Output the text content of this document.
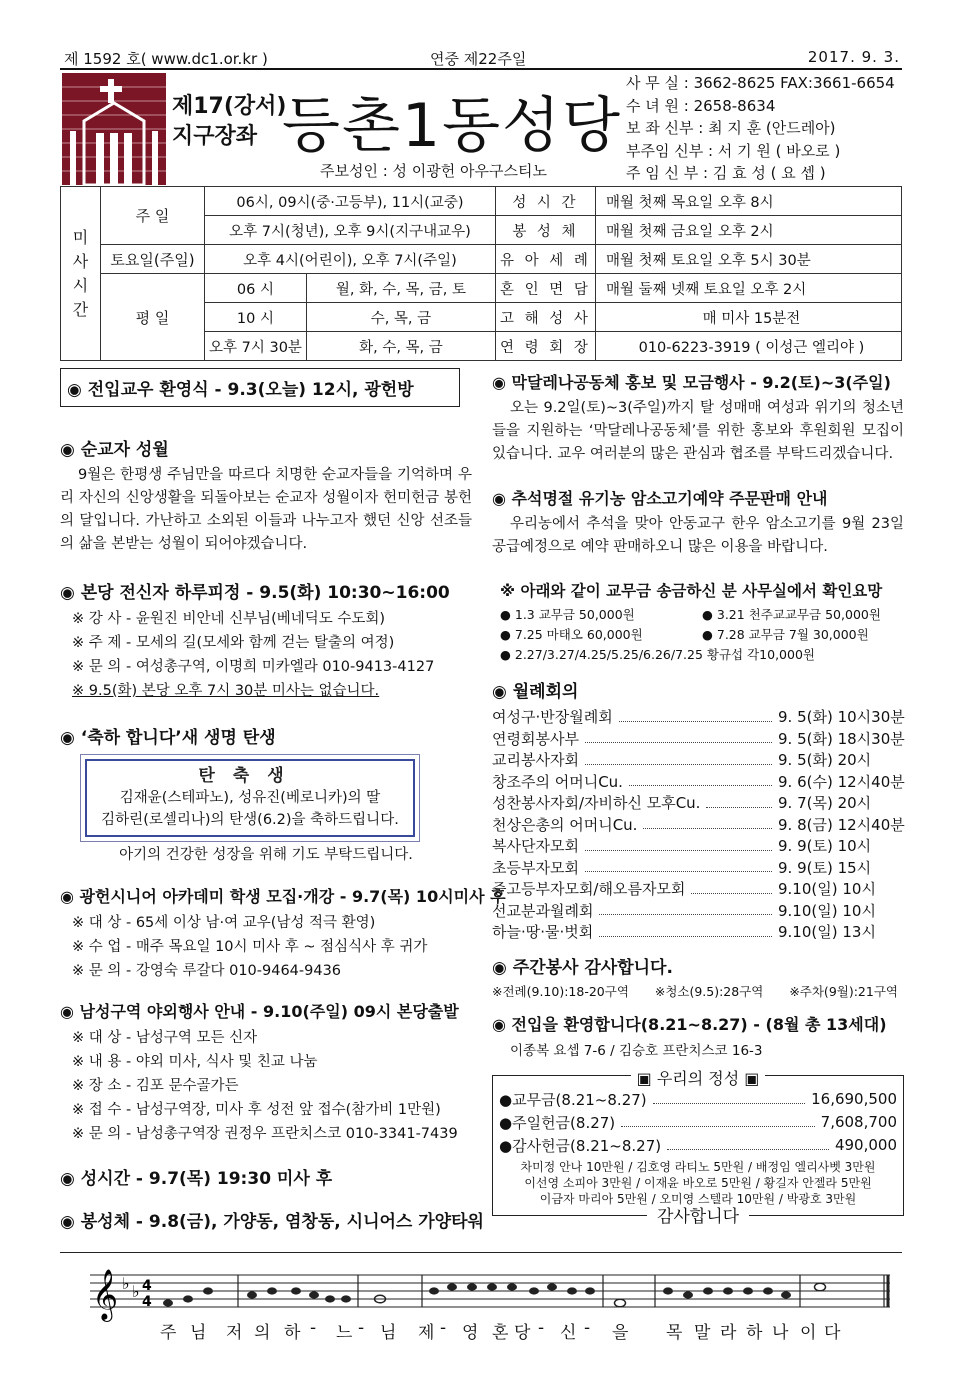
제 1592 호( www.dc1.or.kr )	연중 제22주일	2017. 9. 3.
제17(강서)
지구장좌 등촌1동성당
주보성인 : 성 이광헌 아우구스티노
사 무 실 : 3662-8625 FAX:3661-6654
수 녀 원 : 2658-8634
보 좌 신부 : 최 지 훈 (안드레아)
부주임 신부 : 서 기 원 ( 바오로 )
주 임 신 부 : 김 효 성 ( 요 셉 )
미
사
시
간	주 일	06시, 09시(중·고등부), 11시(교중)		성 시 간	매월 첫째 목요일 오후 8시
		오후 7시(청년), 오후 9시(지구내교우)		봉 성 체	매월 첫째 금요일 오후 2시
	토요일(주일)	오후 4시(어린이), 오후 7시(주일)		유 아 세 례	매월 첫째 토요일 오후 5시 30분
	평 일	06 시	월, 화, 수, 목, 금, 토	혼 인 면 담	매월 둘째 넷째 토요일 오후 2시
		10 시	수, 목, 금	고 해 성 사	매 미사 15분전
		오후 7시 30분	화, 수, 목, 금	연 령 회 장	010-6223-3919 ( 이성근 엘리야 )
◉ 전입교우 환영식 - 9.3(오늘) 12시, 광헌방
◉ 순교자 성월
9월은 한평생 주님만을 따르다 치명한 순교자들을 기억하며 우리 자신의 신앙생활을 되돌아보는 순교자 성월이자 헌미헌금 봉헌의 달입니다. 가난하고 소외된 이들과 나누고자 했던 신앙 선조들의 삶을 본받는 성월이 되어야겠습니다.
◉ 본당 전신자 하루피정 - 9.5(화) 10:30~16:00
※ 강 사 - 윤원진 비안네 신부님(베네딕도 수도회)
※ 주 제 - 모세의 길(모세와 함께 걷는 탈출의 여정)
※ 문 의 - 여성총구역, 이명희 미카엘라 010-9413-4127
※ 9.5(화) 본당 오후 7시 30분 미사는 없습니다.
◉ ‘축하 합니다’새 생명 탄생
탄축생
김재윤(스테파노), 성유진(베로니카)의 딸
김하린(로셀리나)의 탄생(6.2)을 축하드립니다.
아기의 건강한 성장을 위해 기도 부탁드립니다.
◉ 광헌시니어 아카데미 학생 모집·개강 - 9.7(목) 10시미사 후
※ 대 상 - 65세 이상 남·여 교우(남성 적극 환영)
※ 수 업 - 매주 목요일 10시 미사 후 ~ 점심식사 후 귀가
※ 문 의 - 강영숙 루갈다 010-9464-9436
◉ 남성구역 야외행사 안내 - 9.10(주일) 09시 본당출발
※ 대 상 - 남성구역 모든 신자
※ 내 용 - 야외 미사, 식사 및 친교 나눔
※ 장 소 - 김포 문수골가든
※ 접 수 - 남성구역장, 미사 후 성전 앞 접수(참가비 1만원)
※ 문 의 - 남성총구역장 권정우 프란치스코 010-3341-7439
◉ 성시간 - 9.7(목) 19:30 미사 후
◉ 봉성체 - 9.8(금), 가양동, 염창동, 시니어스 가양타워
◉ 막달레나공동체 홍보 및 모금행사 - 9.2(토)~3(주일)
오는 9.2일(토)~3(주일)까지 탈 성매매 여성과 위기의 청소년들을 지원하는 ‘막달레나공동체’를 위한 홍보와 후원회원 모집이 있습니다. 교우 여러분의 많은 관심과 협조를 부탁드리겠습니다.
◉ 추석명절 유기농 암소고기예약 주문판매 안내
우리농에서 추석을 맞아 안동교구 한우 암소고기를 9월 23일 공급예정으로 예약 판매하오니 많은 이용을 바랍니다.
※ 아래와 같이 교무금 송금하신 분 사무실에서 확인요망
● 1.3 교무금 50,000원	● 3.21 천주교교무금 50,000원
● 7.25 마태오 60,000원	● 7.28 교무금 7월 30,000원
● 2.27/3.27/4.25/5.25/6.26/7.25 황규섭 각10,000원
◉ 월례회의
여성구·반장월례회	9. 5(화) 10시30분
연령회봉사부	9. 5(화) 18시30분
교리봉사자회	9. 5(화) 20시
창조주의 어머니Cu.	9. 6(수) 12시40분
성찬봉사자회/자비하신 모후Cu.	9. 7(목) 20시
천상은총의 어머니Cu.	9. 8(금) 12시40분
복사단자모회	9. 9(토) 10시
초등부자모회	9. 9(토) 15시
중고등부자모회/해오름자모회	9.10(일) 10시
선교분과월례회	9.10(일) 10시
하늘·땅·물·벗회	9.10(일) 13시
◉ 주간봉사 감사합니다.
※전례(9.10):18-20구역 ※청소(9.5):28구역 ※주차(9월):21구역
◉ 전입을 환영합니다(8.21~8.27) - (8월 총 13세대)
이종복 요셉 7-6 / 김승호 프란치스코 16-3
▣ 우리의 정성 ▣
●교무금(8.21~8.27)	16,690,500
●주일헌금(8.27)	7,608,700
●감사헌금(8.21~8.27)	490,000
차미정 안나 10만원 / 김호영 라티노 5만원 / 배정임 엘리사벳 3만원
이선영 소피아 3만원 / 이재윤 바오로 5만원 / 황길자 안젤라 5만원
이금자 마리아 5만원 / 오미영 스텔라 10만원 / 박광호 3만원
감사합니다
𝄞 ♭ ♭ 4
4
주 님 저 의 하 - 느 - 님 제 - 영 혼 당 - 신 - 을 목 말 라 하 나 이 다
